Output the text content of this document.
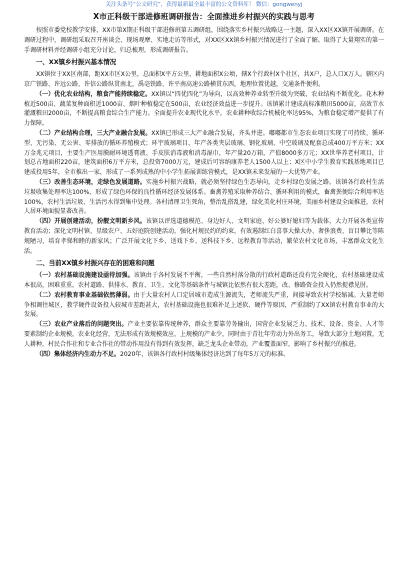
关注头条号“公文研究”，获得最新最全最丰富的公文资料库！ 微信：gongwenyj
X市正科级干部进修班调研报告：全面推进乡村振兴的实践与思考

按照市委党校教学安排，XX市第X期正科级干部进修班第五调研组，围绕落实乡村振兴战略这一主题，深入XX区XX镇开展调研。在调研过程中，调研组采取召开座谈会、现场观摩、实地走访等形式，对XX区XX镇乡村振兴情况进行了全面了解。取得了大量翔实的第一手调研材料并经调研小组充分讨论，归总梳理，形成调研报告。

一、XX镇乡村振兴基本情况

XX镇位于XX区南部，距XX市区X公里，总面积X平方公里，耕地面积X公顷，辖X个行政村X个社区，共X户，总人口X万人。辖区内京广铁路、许远公路、许信公路纵贯南北，禹亳铁路、许平南高速公路横贯东西，地理位置优越，交通条件便利。

（一）优化农业结构，粮食产能持续稳定。XX镇以“四优四化”为导向，以高效种养业转型升级为突破，农业结构不断优化。花木种植近500亩、蔬菜复种面积近1000亩、烟叶种植稳定在500亩，农业经济效益进一步提升。该镇累计建成高标准粮田5000亩，高效节水灌溉粮田2000亩，不断提高粮食综合生产能力。全面提升农业现代化水平，农业耕种收综合机械化率达95%，为粮食稳定增产提供了有力保障。

（二）产业结构合理，三大产业融合发展。XX镇已形成三大产业融合发展，齐头并进。嘟嘟都市生态农业项目实现了可持续、循环型、无污染、无公害、零排放的循环养殖模式；环宇玻璃项目，年产各类夹层玻璃、钢化玻璃、中空玻璃及配套总成400万平方米；XX万金兆元项目，主要生产医用膜耐环境透膏液、手皮肤消毒液和消毒湿巾，年产量20万箱，产值8000多万元；XX世华养老村项目，计划总占地面积220亩，建筑面积6万平方米，总投资7000万元，建成后可容纳康养老人1500人以上；X区中小学生教育实践基地项目已建成投用5年，全市推出一家，形成了一系列成熟的中小学生拓展训练营模式，是XX镇未来发展的一大优势产业。

（三）改善生态环境，走绿色发展道路。实施乡村振兴战略，就必须坚持绿色生态导向，走乡村绿色发展之路。该镇各行政村生活垃圾收集处理率达100%，形成了绿色环保的良性循环经济发展体系。畜禽养殖采取种养结合、循环利用的模式，畜禽粪便综合利用率达100%，农村生活垃圾、生活污水得到集中处理。各村清理卫生死角，整治乱搭乱建，绿化美化村庄环境，美丽乡村建设全面推进，农村人居环境面貌显著改善。

（四）开展创建活动，扮靓文明新乡风。该镇以评选道德模范、身边好人、文明家庭、好公婆好媳妇等为载体，大力开展各类宣传教育活动；深化文明村镇、星级农户、五好庭院创建活动，强化村规民约的约束，有效遏制红白喜事大操大办、奢侈浪费、盲目攀比等陈规陋习，培育孝悌和睦的新家风；广泛开展文化下乡、送戏下乡、送科技下乡、远程教育等活动，繁荣农村文化市场，丰富群众文化生活。

二、当前XX镇乡村振兴存在的困难和问题

（一）农村基础设施建设亟待加强。该镇由于各村发展不平衡，一些自然村落分散的行政村道路还没有完全硬化，农村基础建设成本很高，困难重重。农村道路、供排水、教育、卫生、文化等基础条件与城镇比依然有很大差距，改、修路资金投入仍然捉襟见肘。

（二）农村教育事业基础依然薄弱。由于大量农村人口定居城市造成生源流失，老师流失严重，间接导致农村学校缩减。大量老师争相调往城区，教学硬件设备投入较城市差距甚大，农村基础设施也很难补足上述软、硬件等原因，严重制约了XX镇农村教育事业的大发展。

（三）农业产业落后的问题突出。产业主要依靠传统种养，群众主要靠劳务输出，国营企业发展乏力、技术、设备、资金、人才等要素制约企业规模，农业化经营，无法形成有效规模效应，上规模的产业少，同时由于青壮年劳动力外出务工，导致大部分土地闲置，无人耕种，村民合作社和专业合作社的带动作用没有得到有效发挥，缺乏龙头企业带动，产业覆盖面窄，影响了乡村振兴的推进。

（四）集体经济内生动力不足。2020年，该镇各行政村村级集体经济达到了每年5万元的标准。
